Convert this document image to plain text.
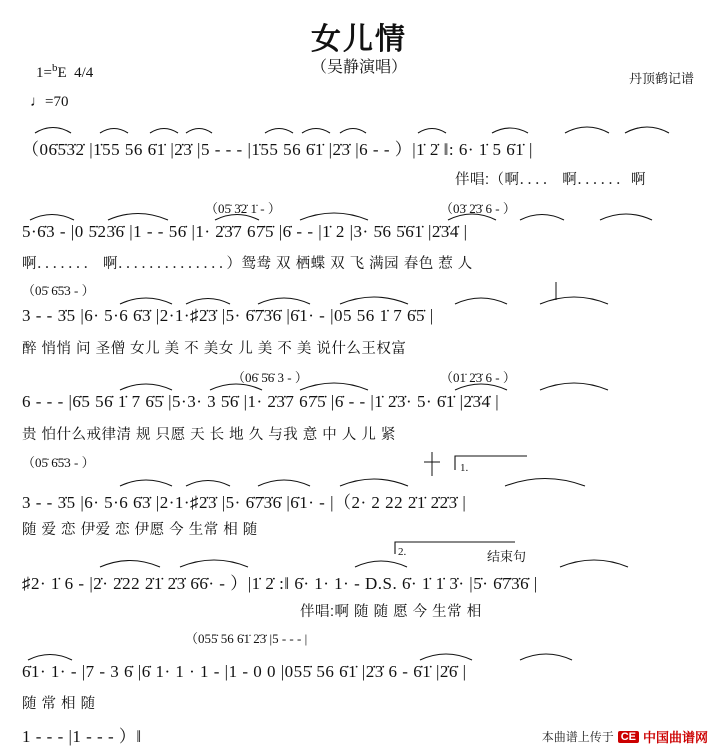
女儿情
（吴静演唱）
1=$^b$E 4/4	丹顶鹤记谱
♩=70
（06̇5̇3̇2̇ |1̇55 56 6̇1̇ |2̇3̇ |5 - - - |1̇55 56 6̇1̇ |2̇3̇ |6 - - ）|1̇ 2̇ ‖: 6· 1̇ 5 6̇1̇ |
伴唱:（啊．．．． 啊．．．．．．啊
（05̇ 3̇2̇ 1̇ - ）	（03̇ 2̇3̇ 6 - ）
5·6̇3 - |0 5̇23̇6̇ |1 - - 56̇ |1· 2̇3̇7 67̇5̇ |6̇ - - |1̇ 2 |3· 5̇6 5̇6̇1̇ |2̇3̇4̇ |
啊．．．．．．． 啊．．．．．．．．．．．．．．）鸳鸯 双 栖蝶 双 飞 满园 春色 惹 人
（05̇ 6̇5̇3 - ）
3 - - 3̇5 |6· 5·6 6̇3̇ |2·1·♯2̇3̇ |5· 6̇7̇3̇6̇ |6̇1· - |05 56 1̇ 7 6̇5̇ |
醉 悄悄 问 圣僧 女儿 美 不 美女 儿 美 不 美 说什么王权富
（06̇ 5̇6̇ 3 - ）	（01̇ 2̇3̇ 6 - ）
6 - - - |6̇5 56̇ 1̇ 7 6̇5̇ |5·3· 3 5̇6̇ |1· 2̇3̇7 67̇5̇ |6̇ - - |1̇ 2̇3̇· 5· 6̇1̇ |2̇3̇4̇ |
贵 怕什么戒律清 规 只愿 天 长 地 久 与我 意 中 人 儿 紧
（05̇ 6̇5̇3 - ）	1.
3 - - 3̇5 |6· 5·6 6̇3̇ |2·1·♯2̇3̇ |5· 6̇7̇3̇6̇ |6̇1· - |（2· 2 22 2̇1̇ 2̇2̇3̇ |
随 爱 恋 伊爱 恋 伊愿 今 生常 相 随
2.	结束句
♯2· 1̇ 6 - |2̇· 2̇22 2̇1̇ 2̇3̇ 6̇6̇· - ）|1̇ 2̇ :‖ 6̇· 1· 1· - D.S. 6̇· 1̇ 1̇ 3̇· |5̇· 6̇7̇3̇6̇ |
伴唱:啊 随 随 愿 今 生常 相
（055̇ 56 6̇1̇ 2̇3̇ |5 - - - |
6̇1· 1· - |7 - 3 6̇ |6̇ 1· 1 · 1 - |1 - 0 0 |055̇ 56 6̇1̇ |2̇3̇ 6 - 6̇1̇ |2̇6̇ |
随 常 相 随
1 - - - |1 - - - ）‖	本曲谱上传于 CE 中国曲谱网
